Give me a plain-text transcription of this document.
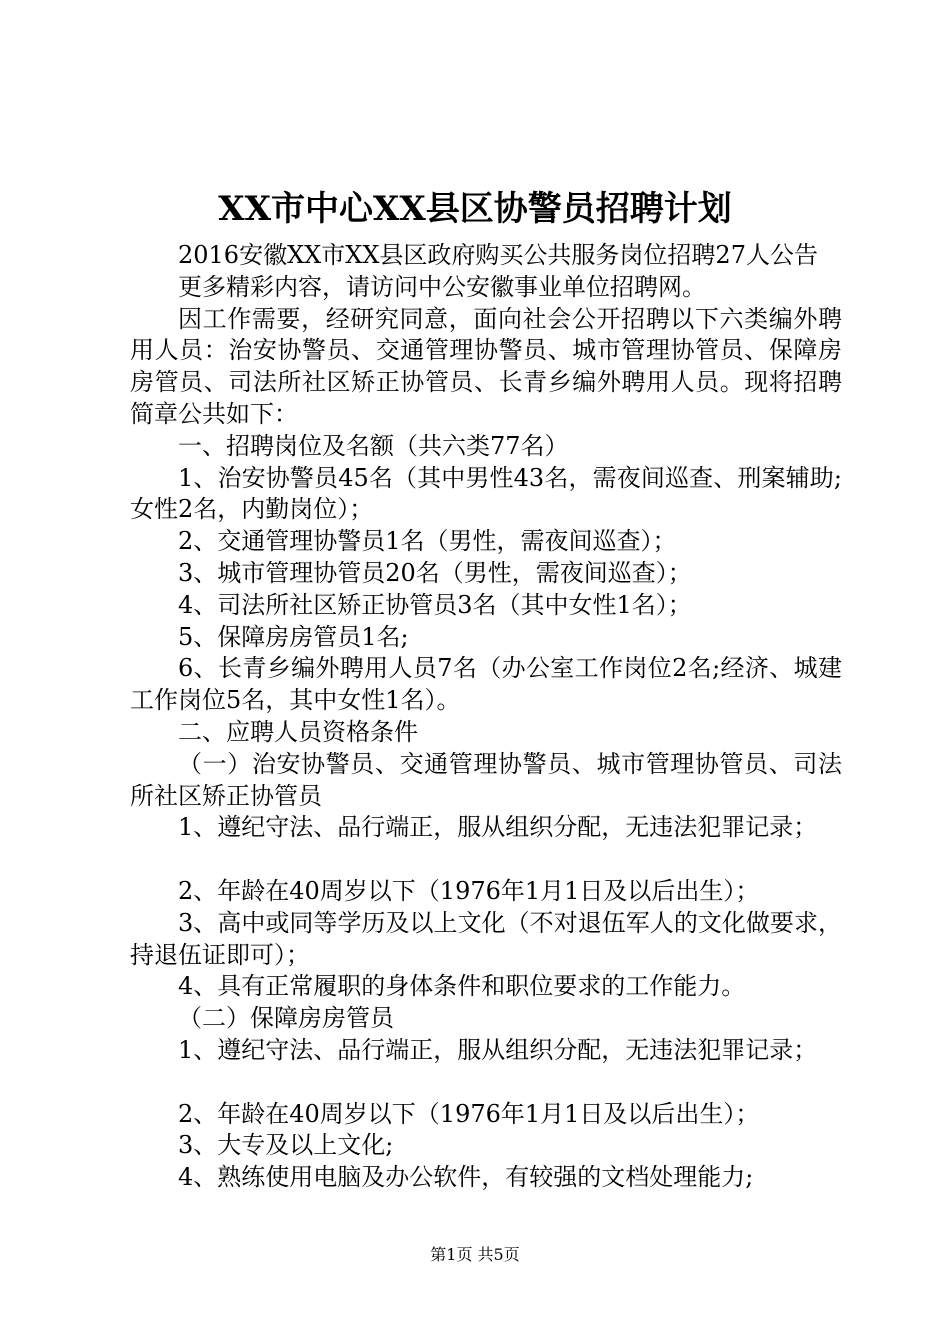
XX市中心XX县区协警员招聘计划

2016安徽XX市XX县区政府购买公共服务岗位招聘27人公告

更多精彩内容，请访问中公安徽事业单位招聘网。

因工作需要，经研究同意，面向社会公开招聘以下六类编外聘用人员：治安协警员、交通管理协警员、城市管理协管员、保障房房管员、司法所社区矫正协管员、长青乡编外聘用人员。现将招聘简章公共如下：

一、招聘岗位及名额（共六类77名）

1、治安协警员45名（其中男性43名，需夜间巡查、刑案辅助;女性2名，内勤岗位）；

2、交通管理协警员1名（男性，需夜间巡查）；

3、城市管理协管员20名（男性，需夜间巡查）；

4、司法所社区矫正协管员3名（其中女性1名）；

5、保障房房管员1名;

6、长青乡编外聘用人员7名（办公室工作岗位2名;经济、城建工作岗位5名，其中女性1名）。

二、应聘人员资格条件

（一）治安协警员、交通管理协警员、城市管理协管员、司法所社区矫正协管员

1、遵纪守法、品行端正，服从组织分配，无违法犯罪记录；

2、年龄在40周岁以下（1976年1月1日及以后出生）；

3、高中或同等学历及以上文化（不对退伍军人的文化做要求，持退伍证即可）；

4、具有正常履职的身体条件和职位要求的工作能力。

（二）保障房房管员

1、遵纪守法、品行端正，服从组织分配，无违法犯罪记录；

2、年龄在40周岁以下（1976年1月1日及以后出生）；

3、大专及以上文化;

4、熟练使用电脑及办公软件，有较强的文档处理能力;

第1页 共5页
